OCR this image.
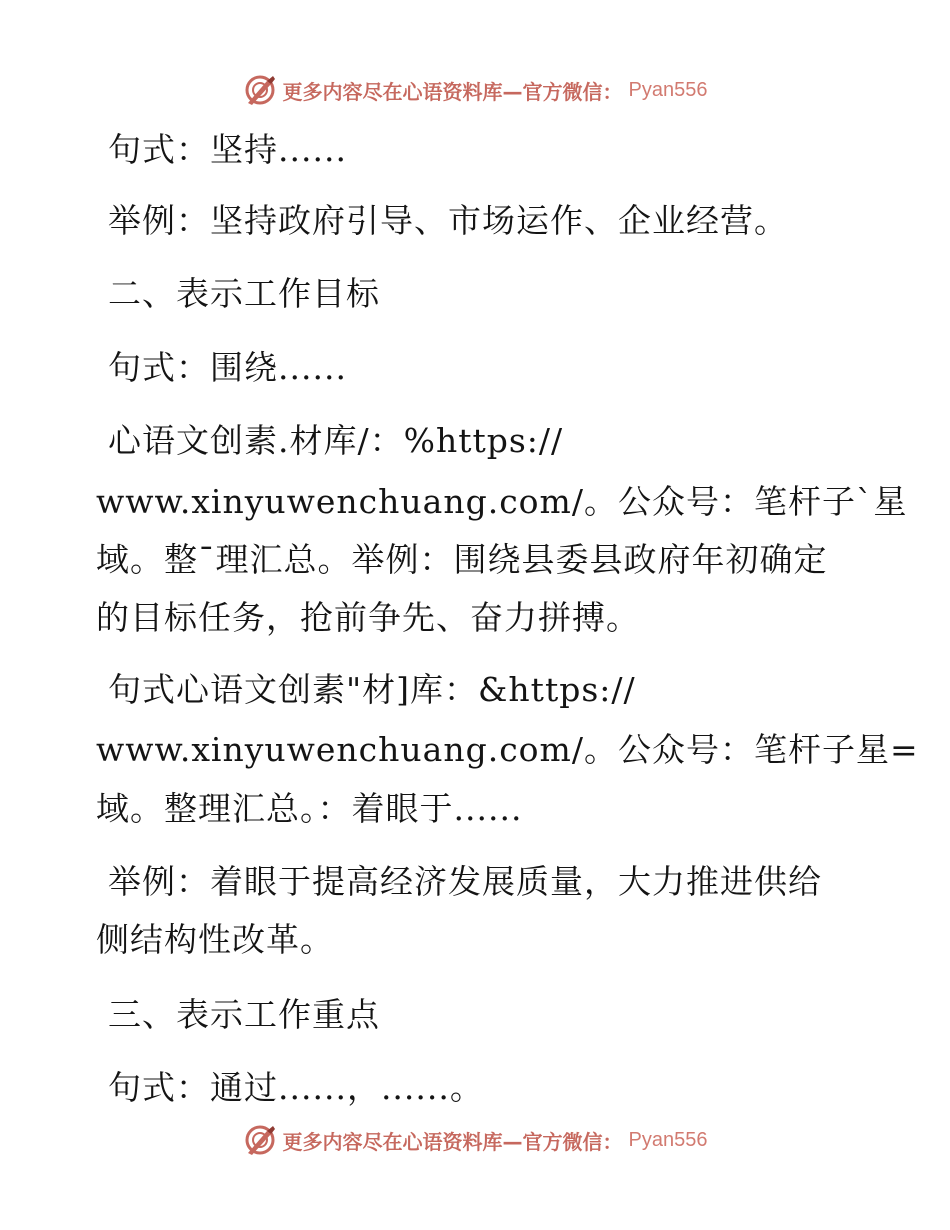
更多内容尽在心语资料库—官方微信： Pyan556
句式：坚持......
举例：坚持政府引导、市场运作、企业经营。
二、表示工作目标
句式：围绕......
心语文创素.材库/：%https://
www.xinyuwenchuang.com/。公众号：笔杆子`星
域。整¯理汇总。举例：围绕县委县政府年初确定
的目标任务，抢前争先、奋力拼搏。
句式心语文创素"材]库：&https://
www.xinyuwenchuang.com/。公众号：笔杆子星=
域。整理汇总。：着眼于......
举例：着眼于提高经济发展质量，大力推进供给
侧结构性改革。
三、表示工作重点
句式：通过......，......。
更多内容尽在心语资料库—官方微信： Pyan556
